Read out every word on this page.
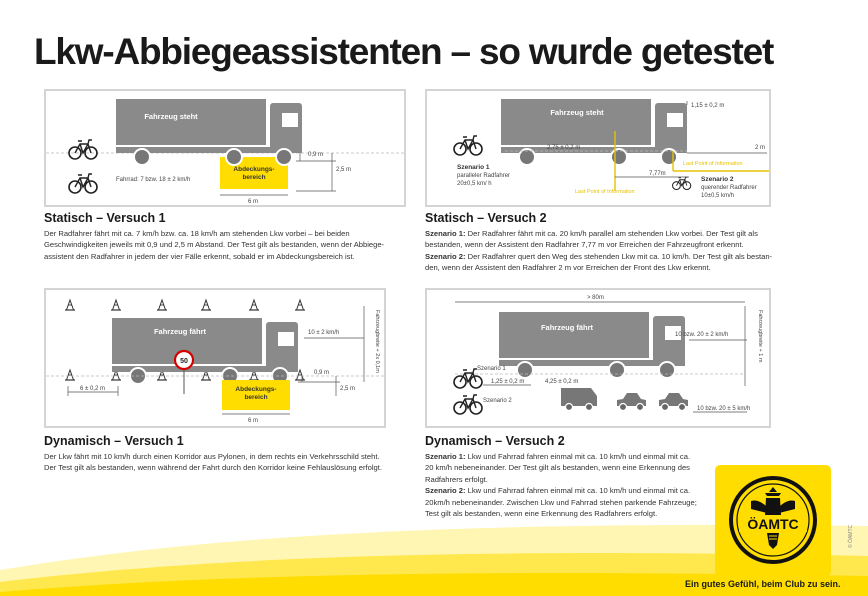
Lkw-Abbiegeassistenten – so wurde getestet
Fahrzeug steht
Abdeckungs-
bereich
Fahrrad: 7 bzw. 18 ± 2 km/h
0,9 m
2,5 m
6 m
Statisch – Versuch 1

Der Radfahrer fährt mit ca. 7 km/h bzw. ca. 18 km/h am stehenden Lkw vorbei – bei beiden
Geschwindigkeiten jeweils mit 0,9 und 2,5 m Abstand. Der Test gilt als bestanden, wenn der Abbiege-
assistent den Radfahrer in jedem der vier Fälle erkennt, sobald er im Abdeckungsbereich ist.

Fahrzeug steht
1,15 ± 0,2 m
2 m
2,75 ± 0,2 m
7,77m
Last Point of Information
Last Point of Information
Szenario 1
paralleler Radfahrer
20±0,5 km/ h
Szenario 2
querender Radfahrer
10±0,5 km/h
Statisch – Versuch 2

Szenario 1: Der Radfahrer fährt mit ca. 20 km/h parallel am stehenden Lkw vorbei. Der Test gilt als
bestanden, wenn der Assistent den Radfahrer 7,77 m vor Erreichen der Fahrzeugfront erkennt.
Szenario 2: Der Radfahrer quert den Weg des stehenden Lkw mit ca. 10 km/h. Der Test gilt als bestan-
den, wenn der Assistent den Radfahrer 2 m vor Erreichen der Front des Lkw erkennt.

Fahrzeug fährt	10 ± 2 km/h	Fahrzeugbreite + 2x 0,1m
50
Abdeckungs-
bereich
0,9 m
2,5 m
6 m
6 ± 0,2 m
Dynamisch – Versuch 1

Der Lkw fährt mit 10 km/h durch einen Korridor aus Pylonen, in dem rechts ein Verkehrsschild steht.
Der Test gilt als bestanden, wenn während der Fahrt durch den Korridor keine Fehlauslösung erfolgt.

> 80m
Fahrzeug fährt
10 bzw. 20 ± 2 km/h	Fahrzeugbreite + 1 m
Szenario 1
1,25 ± 0,2 m	4,25 ± 0,2 m
Szenario 2
10 bzw. 20 ± 5 km/h
Dynamisch – Versuch 2

Szenario 1: Lkw und Fahrrad fahren einmal mit ca. 10 km/h und einmal mit ca.
20 km/h nebeneinander. Der Test gilt als bestanden, wenn eine Erkennung des
Radfahrers erfolgt.
Szenario 2: Lkw und Fahrrad fahren einmal mit ca. 10 km/h und einmal mit ca.
20km/h nebeneinander. Zwischen Lkw und Fahrrad stehen parkende Fahrzeuge;
Test gilt als bestanden, wenn eine Erkennung des Radfahrers erfolgt.

ÖAMTC
Ein gutes Gefühl, beim Club zu sein.
© ÖAMTC
